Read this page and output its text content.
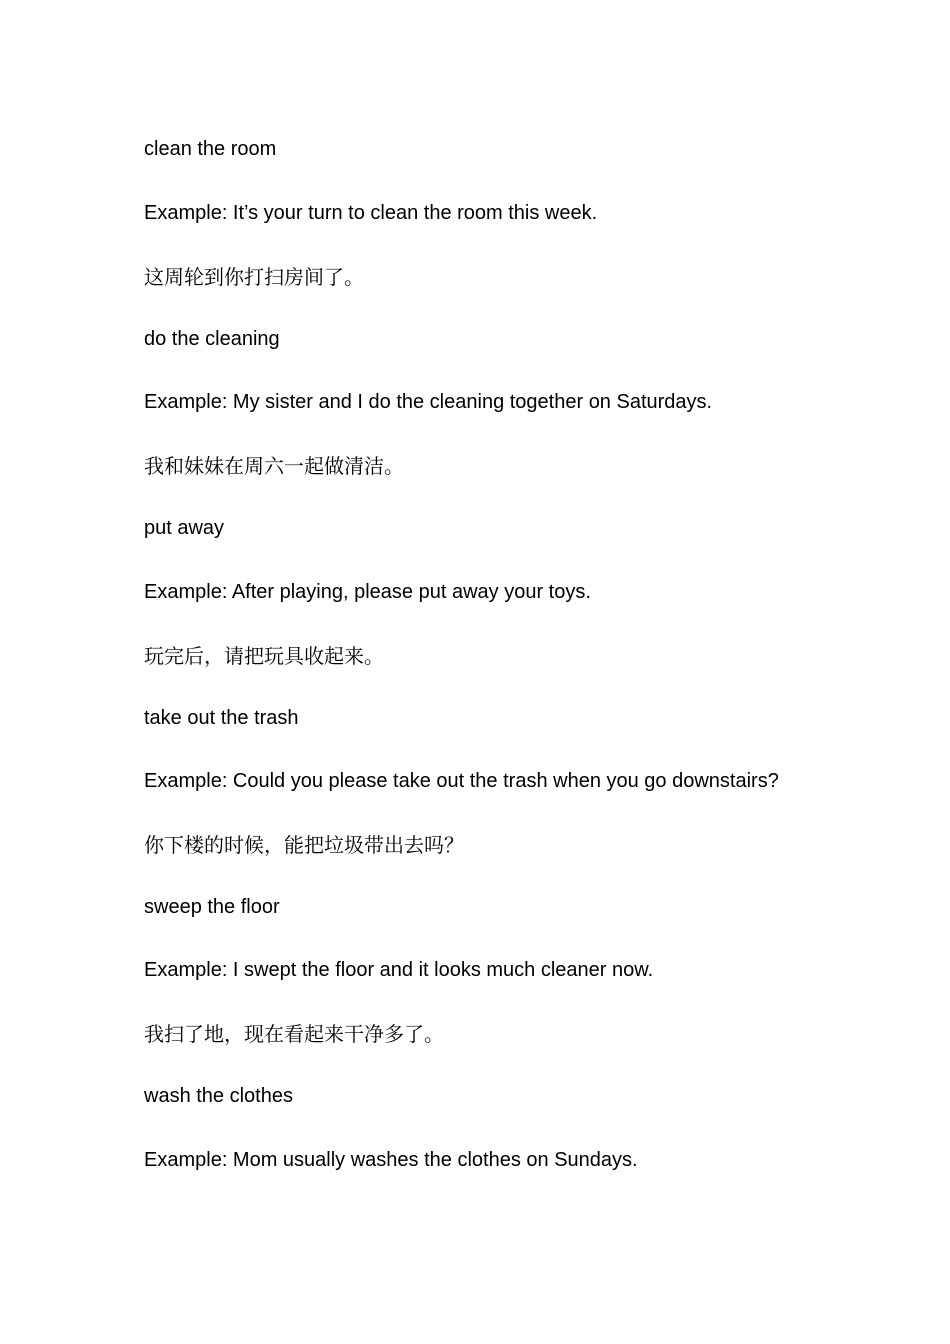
clean the room
Example: It’s your turn to clean the room this week.
这周轮到你打扫房间了。
do the cleaning
Example: My sister and I do the cleaning together on Saturdays.
我和妹妹在周六一起做清洁。
put away
Example: After playing, please put away your toys.
玩完后，请把玩具收起来。
take out the trash
Example: Could you please take out the trash when you go downstairs?
你下楼的时候，能把垃圾带出去吗？
sweep the floor
Example: I swept the floor and it looks much cleaner now.
我扫了地，现在看起来干净多了。
wash the clothes
Example: Mom usually washes the clothes on Sundays.
